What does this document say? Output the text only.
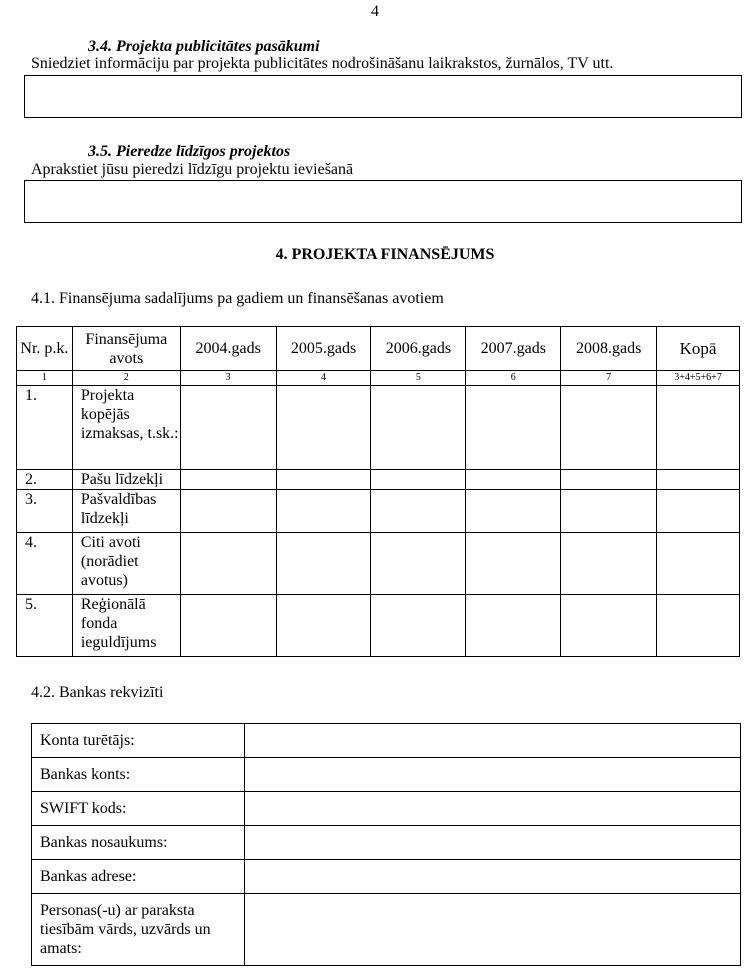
4
3.4. Projekta publicitātes pasākumi
Sniedziet informāciju par projekta publicitātes nodrošināšanu laikrakstos, žurnālos, TV utt.
3.5. Pieredze līdzīgos projektos
Aprakstiet jūsu pieredzi līdzīgu projektu ieviešanā
4. PROJEKTA FINANSĒJUMS
4.1. Finansējuma sadalījums pa gadiem un finansēšanas avotiem
Nr. p.k.	Finansējuma avots	2004.gads	2005.gads	2006.gads	2007.gads	2008.gads	Kopā
1	2	3	4	5	6	7	3+4+5+6+7
1.	Projekta kopējās izmaksas, t.sk.:						
2.	Pašu līdzekļi						
3.	Pašvaldības līdzekļi						
4.	Citi avoti (norādiet avotus)						
5.	Reģionālā fonda ieguldījums						
4.2. Bankas rekvizīti
Konta turētājs:	
Bankas konts:	
SWIFT kods:	
Bankas nosaukums:	
Bankas adrese:	
Personas(-u) ar paraksta tiesībām vārds, uzvārds un amats:	
